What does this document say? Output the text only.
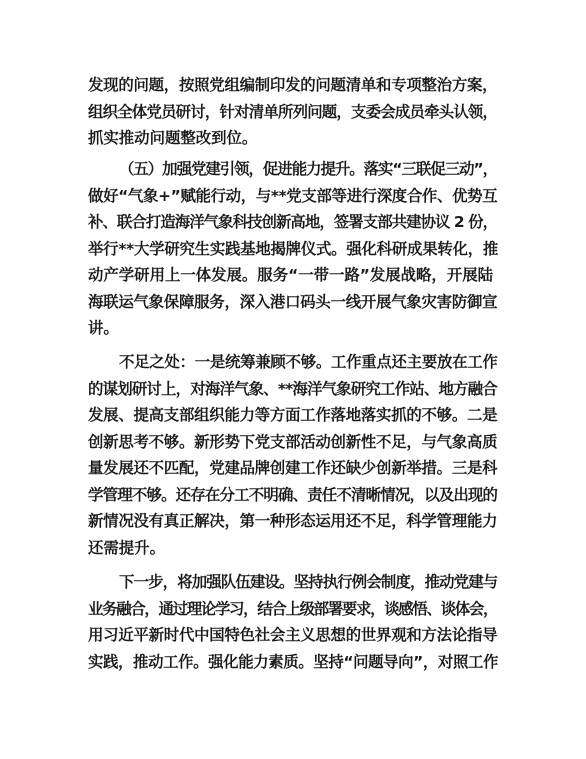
发现的问题，按照党组编制印发的问题清单和专项整治方案，
组织全体党员研讨，针对清单所列问题，支委会成员牵头认领，
抓实推动问题整改到位。
（五）加强党建引领，促进能力提升。落实“三联促三动”，
做好“气象+”赋能行动，与**党支部等进行深度合作、优势互
补、联合打造海洋气象科技创新高地，签署支部共建协议 2 份，
举行**大学研究生实践基地揭牌仪式。强化科研成果转化，推
动产学研用上一体发展。服务“一带一路”发展战略，开展陆
海联运气象保障服务，深入港口码头一线开展气象灾害防御宣
讲。
不足之处：一是统筹兼顾不够。工作重点还主要放在工作
的谋划研讨上，对海洋气象、**海洋气象研究工作站、地方融合
发展、提高支部组织能力等方面工作落地落实抓的不够。二是
创新思考不够。新形势下党支部活动创新性不足，与气象高质
量发展还不匹配，党建品牌创建工作还缺少创新举措。三是科
学管理不够。还存在分工不明确、责任不清晰情况，以及出现的
新情况没有真正解决，第一种形态运用还不足，科学管理能力
还需提升。
下一步，将加强队伍建设。坚持执行例会制度，推动党建与
业务融合，通过理论学习，结合上级部署要求，谈感悟、谈体会，
用习近平新时代中国特色社会主义思想的世界观和方法论指导
实践，推动工作。强化能力素质。坚持“问题导向”，对照工作
